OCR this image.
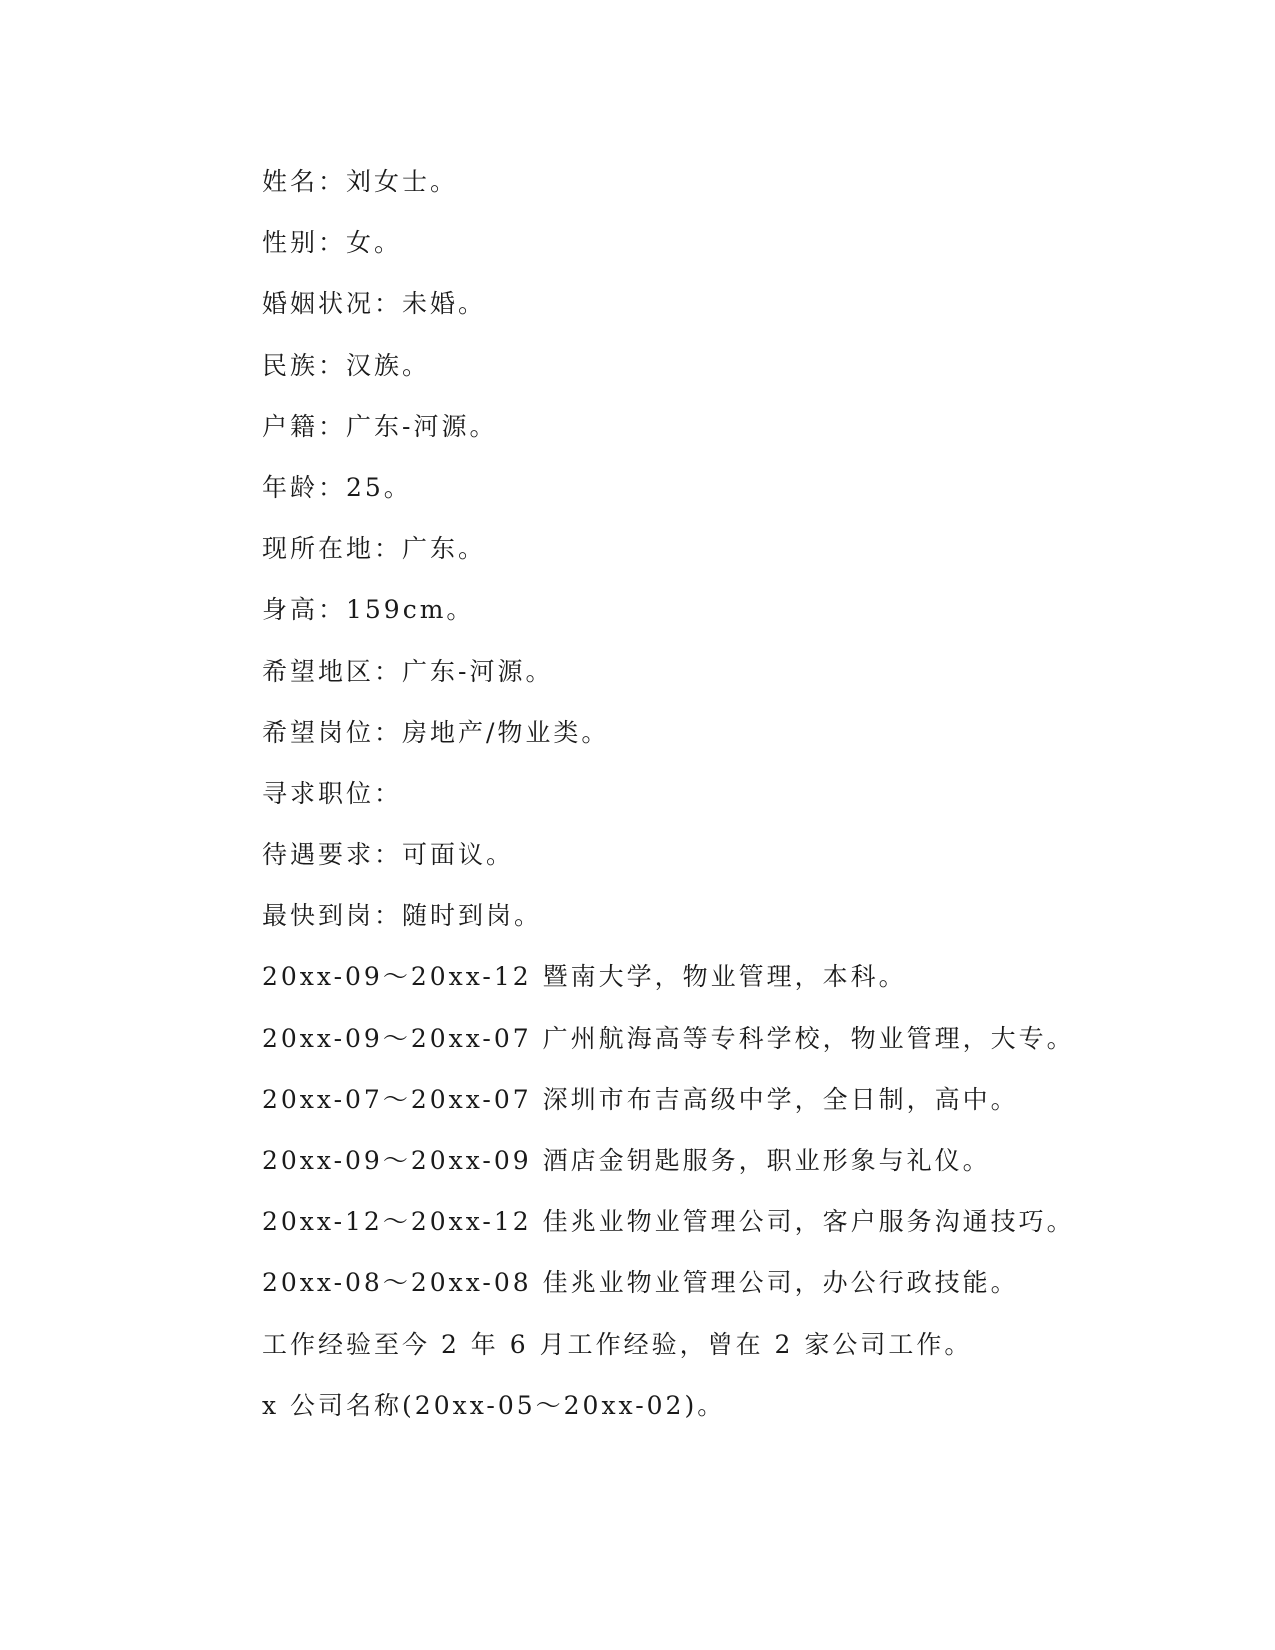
姓名：刘女士。
性别：女。
婚姻状况：未婚。
民族：汉族。
户籍：广东-河源。
年龄：25。
现所在地：广东。
身高：159cm。
希望地区：广东-河源。
希望岗位：房地产/物业类。
寻求职位：
待遇要求：可面议。
最快到岗：随时到岗。
20xx-09～20xx-12 暨南大学，物业管理，本科。
20xx-09～20xx-07 广州航海高等专科学校，物业管理，大专。
20xx-07～20xx-07 深圳市布吉高级中学，全日制，高中。
20xx-09～20xx-09 酒店金钥匙服务，职业形象与礼仪。
20xx-12～20xx-12 佳兆业物业管理公司，客户服务沟通技巧。
20xx-08～20xx-08 佳兆业物业管理公司，办公行政技能。
工作经验至今 2 年 6 月工作经验，曾在 2 家公司工作。
x 公司名称(20xx-05～20xx-02)。
